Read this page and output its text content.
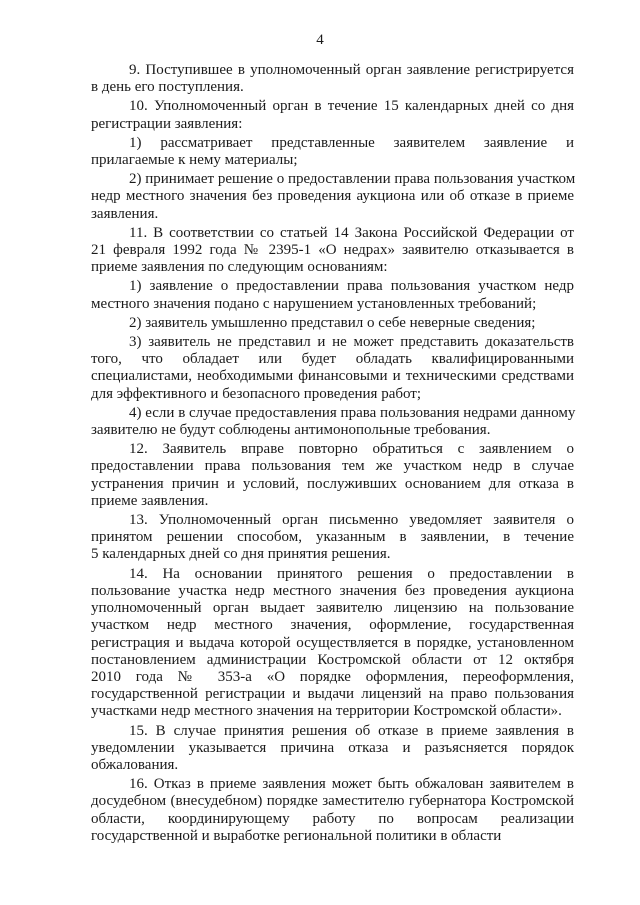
4
9. Поступившее в уполномоченный орган заявление регистрируется
в день его поступления.
10. Уполномоченный орган в течение 15 календарных дней со дня
регистрации заявления:
1) рассматривает представленные заявителем заявление и
прилагаемые к нему материалы;
2) принимает решение о предоставлении права пользования участком
недр местного значения без проведения аукциона или об отказе в приеме
заявления.
11. В соответствии со статьей 14 Закона Российской Федерации от
21 февраля 1992 года № 2395-1 «О недрах» заявителю отказывается в
приеме заявления по следующим основаниям:
1) заявление о предоставлении права пользования участком недр
местного значения подано с нарушением установленных требований;
2) заявитель умышленно представил о себе неверные сведения;
3) заявитель не представил и не может представить доказательств
того, что обладает или будет обладать квалифицированными
специалистами, необходимыми финансовыми и техническими средствами
для эффективного и безопасного проведения работ;
4) если в случае предоставления права пользования недрами данному
заявителю не будут соблюдены антимонопольные требования.
12. Заявитель вправе повторно обратиться с заявлением о
предоставлении права пользования тем же участком недр в случае
устранения причин и условий, послуживших основанием для отказа в
приеме заявления.
13. Уполномоченный орган письменно уведомляет заявителя о
принятом решении способом, указанным в заявлении, в течение
5 календарных дней со дня принятия решения.
14. На основании принятого решения о предоставлении в
пользование участка недр местного значения без проведения аукциона
уполномоченный орган выдает заявителю лицензию на пользование
участком недр местного значения, оформление, государственная
регистрация и выдача которой осуществляется в порядке, установленном
постановлением администрации Костромской области от 12 октября
2010 года № 353-а «О порядке оформления, переоформления,
государственной регистрации и выдачи лицензий на право пользования
участками недр местного значения на территории Костромской области».
15. В случае принятия решения об отказе в приеме заявления в
уведомлении указывается причина отказа и разъясняется порядок
обжалования.
16. Отказ в приеме заявления может быть обжалован заявителем в
досудебном (внесудебном) порядке заместителю губернатора Костромской
области, координирующему работу по вопросам реализации
государственной и выработке региональной политики в области
